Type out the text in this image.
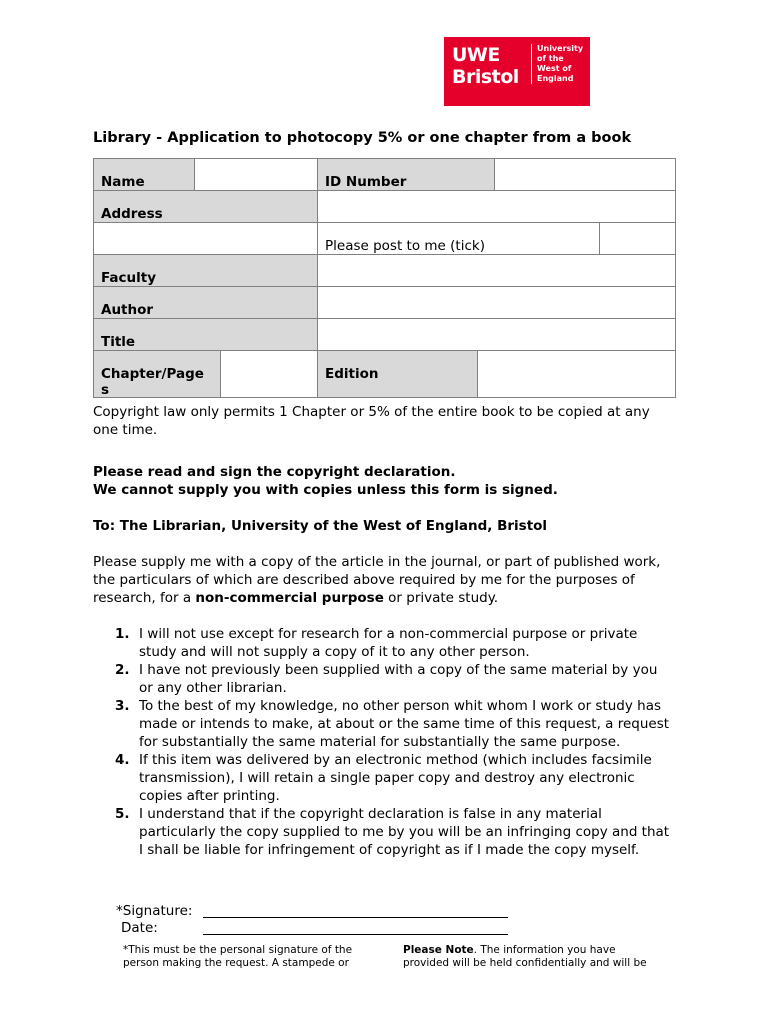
UWE
Bristol
University
of the
West of
England
Library - Application to photocopy 5% or one chapter from a book
Name	ID Number
Address
Please post to me (tick)
Faculty
Author
Title
Chapter/Page
s
Edition
Copyright law only permits 1 Chapter or 5% of the entire book to be copied at any one time.
Please read and sign the copyright declaration.
We cannot supply you with copies unless this form is signed.
To: The Librarian, University of the West of England, Bristol
Please supply me with a copy of the article in the journal, or part of published work, the particulars of which are described above required by me for the purposes of research, for a non-commercial purpose or private study.
1. I will not use except for research for a non-commercial purpose or private study and will not supply a copy of it to any other person.
2. I have not previously been supplied with a copy of the same material by you or any other librarian.
3. To the best of my knowledge, no other person whit whom I work or study has made or intends to make, at about or the same time of this request, a request for substantially the same material for substantially the same purpose.
4. If this item was delivered by an electronic method (which includes facsimile transmission), I will retain a single paper copy and destroy any electronic copies after printing.
5. I understand that if the copyright declaration is false in any material particularly the copy supplied to me by you will be an infringing copy and that I shall be liable for infringement of copyright as if I made the copy myself.
*Signature:
Date:
*This must be the personal signature of the person making the request. A stampede or
Please Note. The information you have provided will be held confidentially and will be
